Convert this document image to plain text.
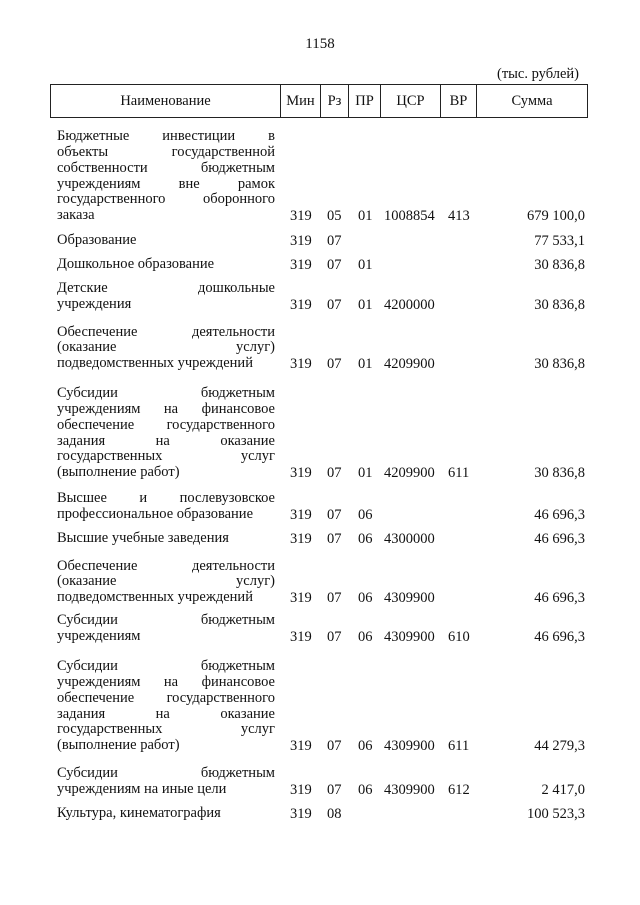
1158
(тыс. рублей)
Наименование	Мин Рз ПР	ЦСР	ВР	Сумма
Бюджетные инвестиции в
объекты	государственной
собственности	бюджетным
учреждениям	вне	рамок
государственного	оборонного
заказа	319 05 01 1008854 413	679 100,0
Образование	319 07	77 533,1
Дошкольное образование	319 07 01	30 836,8
Детские	дошкольные
учреждения	319 07 01 4200000	30 836,8
Обеспечение	деятельности
(оказание	услуг)
подведомственных учреждений	319 07 01 4209900	30 836,8
Субсидии	бюджетным
учреждениям на финансовое
обеспечение государственного
задания	на	оказание
государственных	услуг
(выполнение работ)	319 07 01 4209900 611	30 836,8
Высшее и послевузовское
профессиональное образование	319 07 06	46 696,3
Высшие учебные заведения	319 07 06 4300000	46 696,3
Обеспечение	деятельности
(оказание	услуг)
подведомственных учреждений	319 07 06 4309900	46 696,3
Субсидии	бюджетным
учреждениям	319 07 06 4309900 610	46 696,3
Субсидии	бюджетным
учреждениям на финансовое
обеспечение государственного
задания	на	оказание
государственных	услуг
(выполнение работ)	319 07 06 4309900 611	44 279,3
Субсидии	бюджетным
учреждениям на иные цели	319 07 06 4309900 612	2 417,0
Культура, кинематография	319 08	100 523,3
